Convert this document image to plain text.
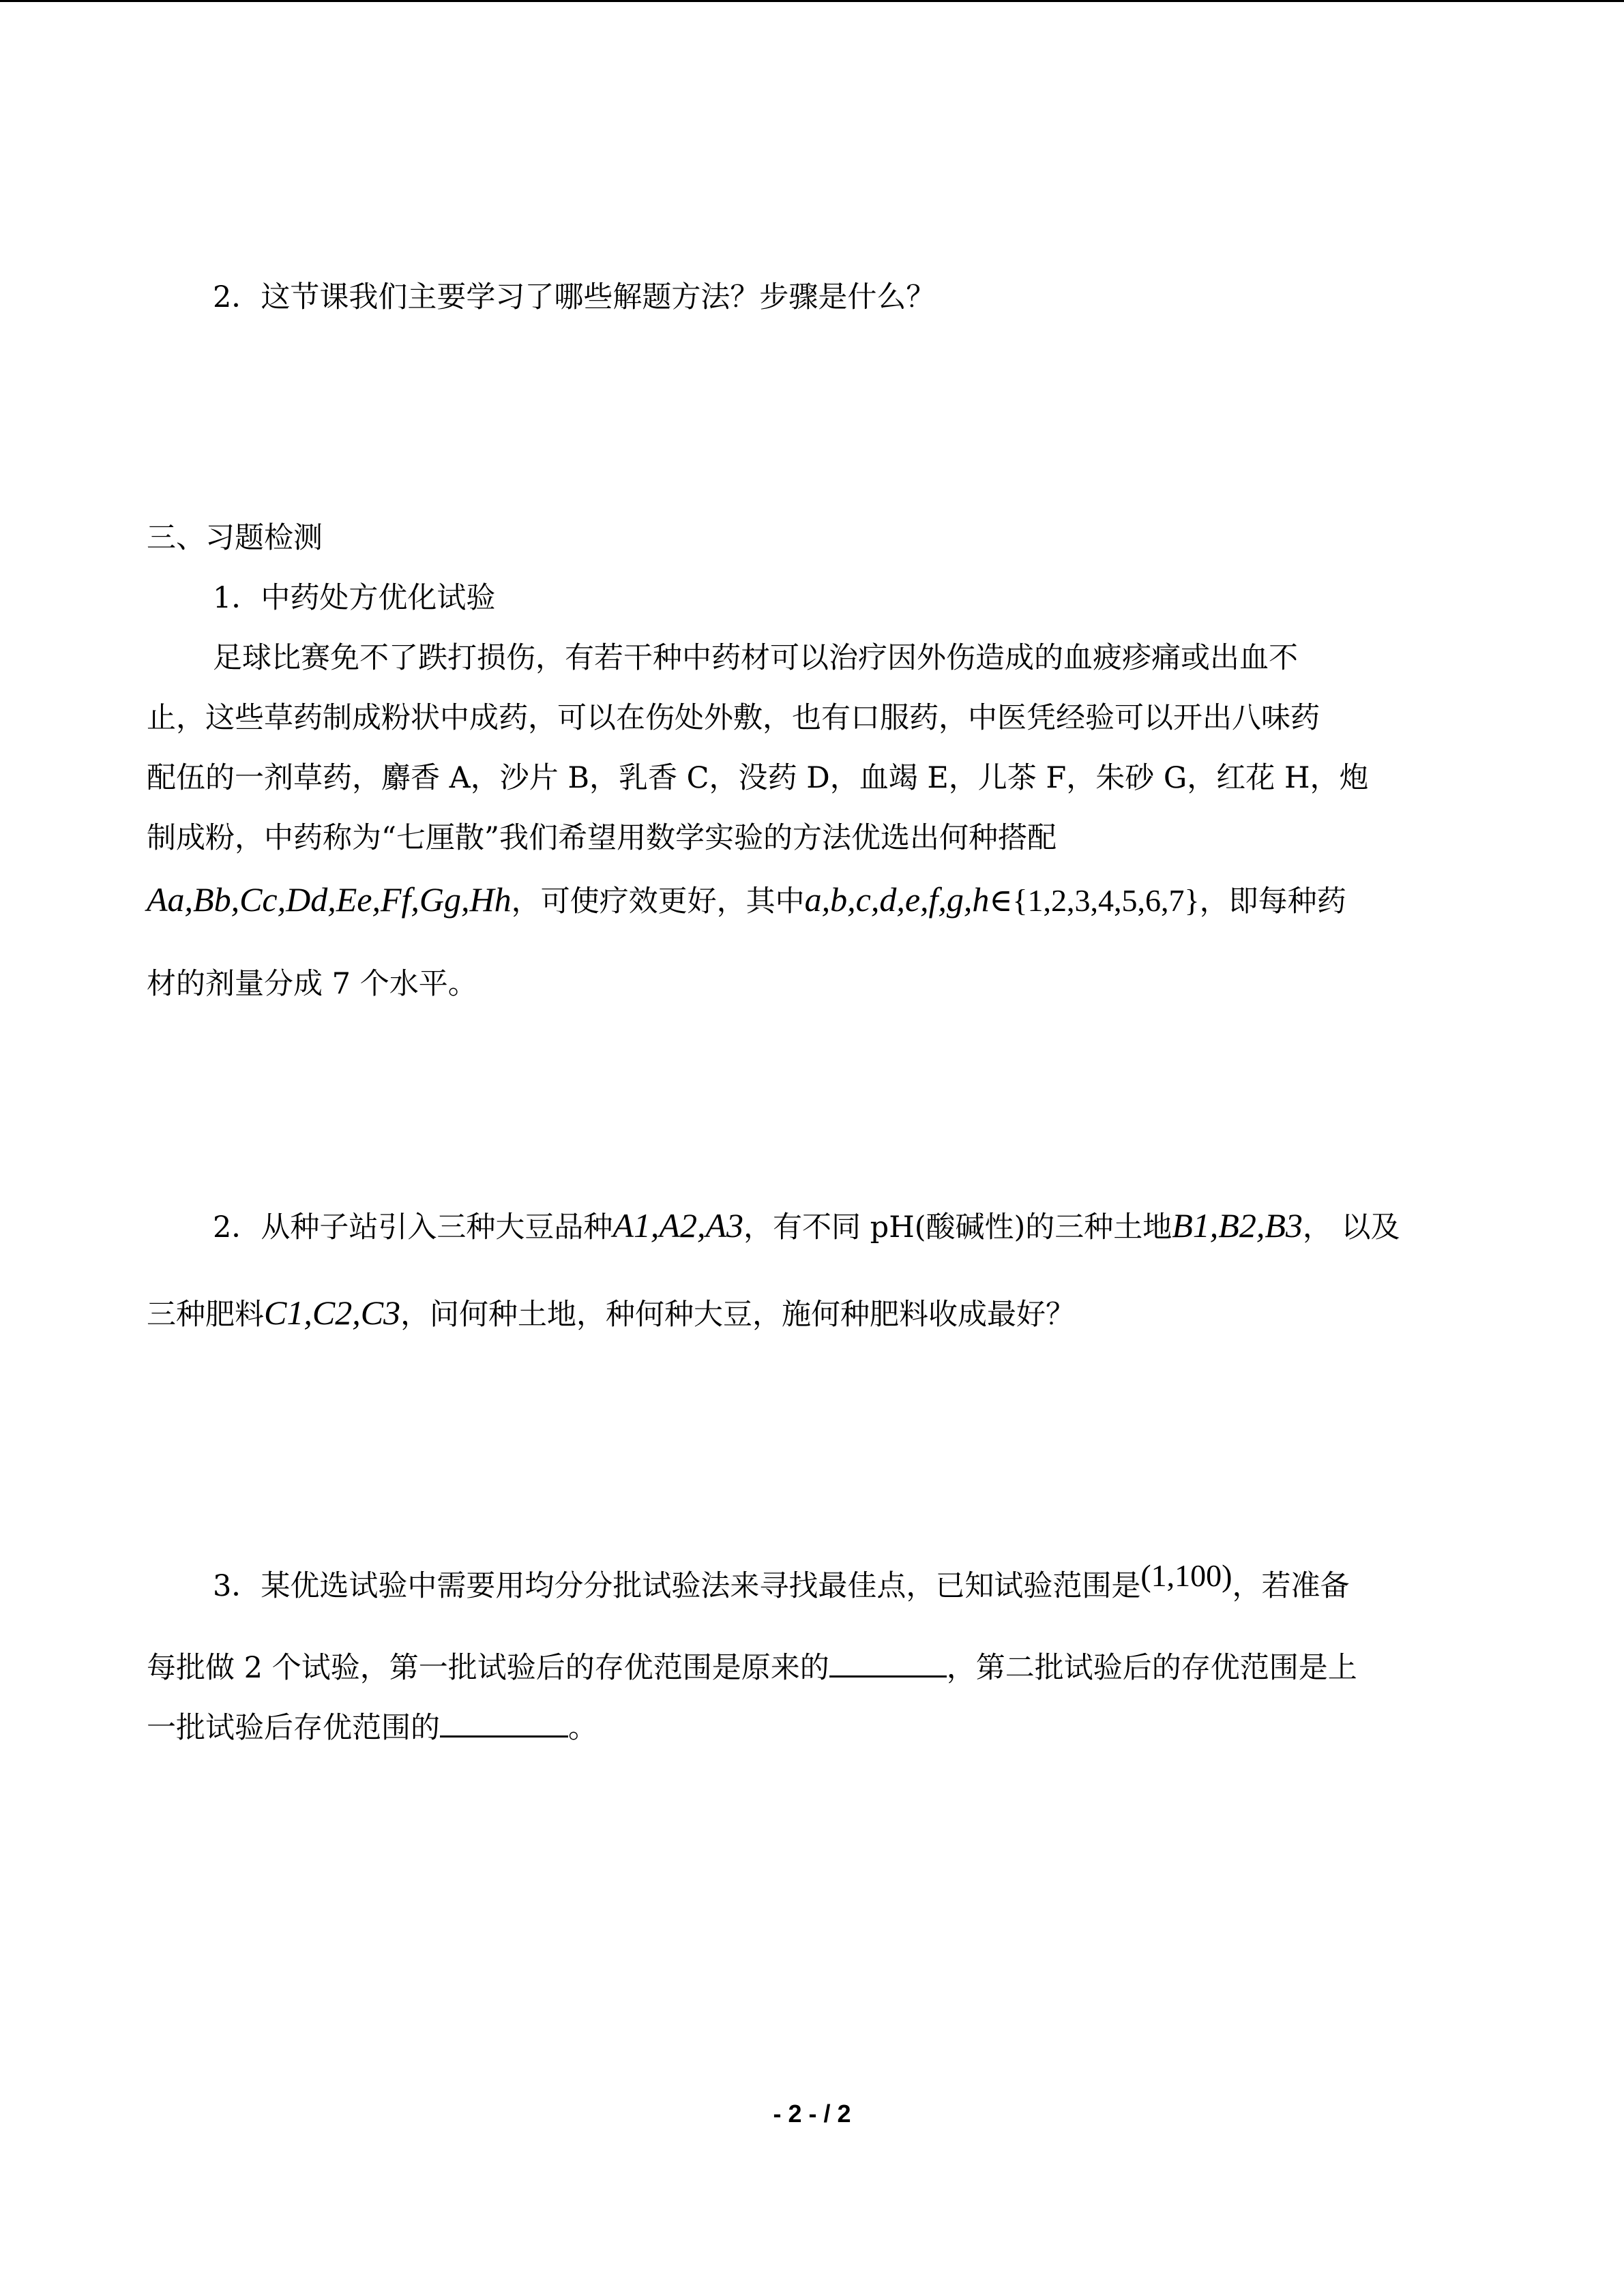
2．这节课我们主要学习了哪些解题方法？步骤是什么？
三、习题检测
1．中药处方优化试验
足球比赛免不了跌打损伤，有若干种中药材可以治疗因外伤造成的血疲疹痛或出血不
止，这些草药制成粉状中成药，可以在伤处外敷，也有口服药，中医凭经验可以开出八味药
配伍的一剂草药，麝香 A，沙片 B，乳香 C，没药 D，血竭 E，儿茶 F，朱砂 G，红花 H，炮
制成粉，中药称为“七厘散”我们希望用数学实验的方法优选出何种搭配
Aa,Bb,Cc,Dd,Ee,Ff,Gg,Hh，可使疗效更好，其中a,b,c,d,e,f,g,h∈{1,2,3,4,5,6,7}，即每种药
材的剂量分成 7 个水平。
2．从种子站引入三种大豆品种A1,A2,A3，有不同 pH(酸碱性)的三种土地B1,B2,B3， 以及
三种肥料C1,C2,C3，问何种土地，种何种大豆，施何种肥料收成最好？
3．某优选试验中需要用均分分批试验法来寻找最佳点，已知试验范围是(1,100)，若准备
每批做 2 个试验，第一批试验后的存优范围是原来的	，第二批试验后的存优范围是上
一批试验后存优范围的	。
- 2 - / 2
